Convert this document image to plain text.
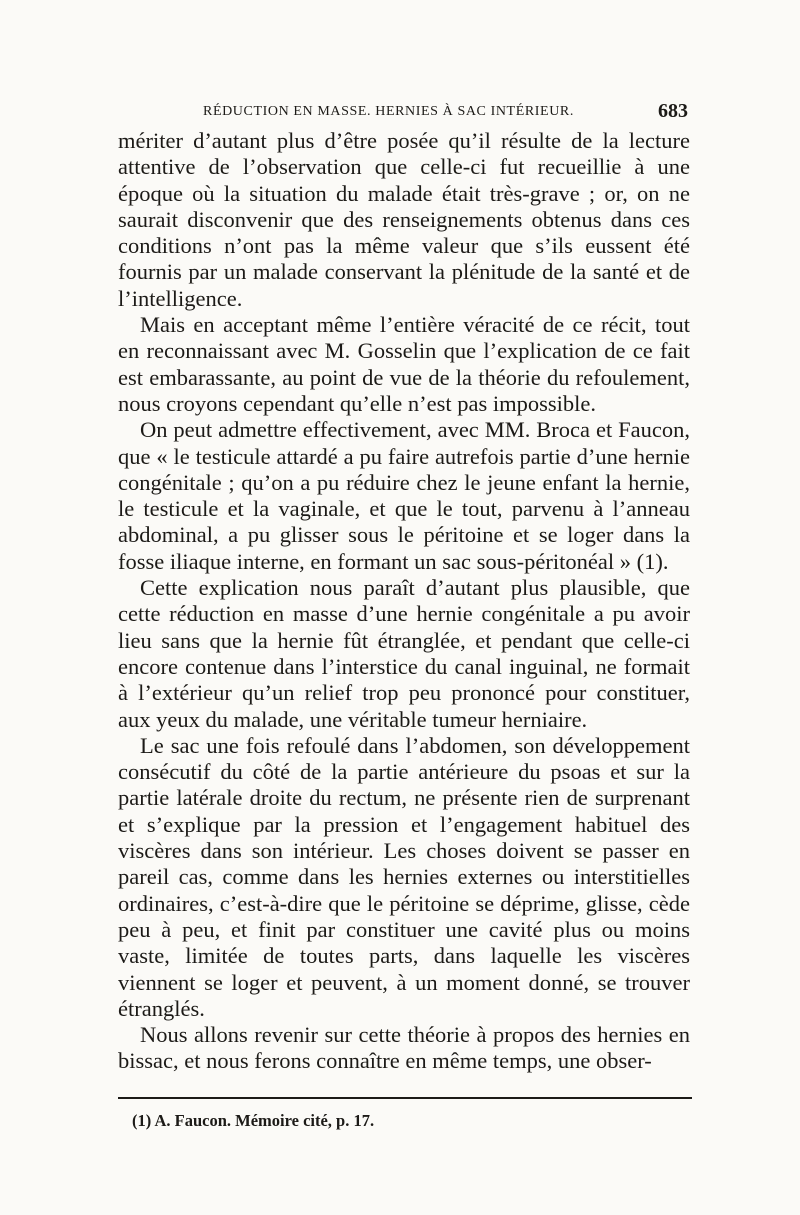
RÉDUCTION EN MASSE. HERNIES À SAC INTÉRIEUR.	683

mériter d’autant plus d’être posée qu’il résulte de la lecture attentive de l’observation que celle-ci fut recueillie à une époque où la situation du malade était très-grave ; or, on ne saurait disconvenir que des renseignements obtenus dans ces conditions n’ont pas la même valeur que s’ils eussent été fournis par un malade conservant la plénitude de la santé et de l’intelligence.

Mais en acceptant même l’entière véracité de ce récit, tout en reconnaissant avec M. Gosselin que l’explication de ce fait est embarassante, au point de vue de la théorie du refoulement, nous croyons cependant qu’elle n’est pas impossible.

On peut admettre effectivement, avec MM. Broca et Faucon, que « le testicule attardé a pu faire autrefois partie d’une hernie congénitale ; qu’on a pu réduire chez le jeune enfant la hernie, le testicule et la vaginale, et que le tout, parvenu à l’anneau abdominal, a pu glisser sous le péritoine et se loger dans la fosse iliaque interne, en formant un sac sous-péritonéal » (1).

Cette explication nous paraît d’autant plus plausible, que cette réduction en masse d’une hernie congénitale a pu avoir lieu sans que la hernie fût étranglée, et pendant que celle-ci encore contenue dans l’interstice du canal inguinal, ne formait à l’extérieur qu’un relief trop peu prononcé pour constituer, aux yeux du malade, une véritable tumeur herniaire.

Le sac une fois refoulé dans l’abdomen, son développement consécutif du côté de la partie antérieure du psoas et sur la partie latérale droite du rectum, ne présente rien de surprenant et s’explique par la pression et l’engagement habituel des viscères dans son intérieur. Les choses doivent se passer en pareil cas, comme dans les hernies externes ou interstitielles ordinaires, c’est-à-dire que le péritoine se déprime, glisse, cède peu à peu, et finit par constituer une cavité plus ou moins vaste, limitée de toutes parts, dans laquelle les viscères viennent se loger et peuvent, à un moment donné, se trouver étranglés.

Nous allons revenir sur cette théorie à propos des hernies en bissac, et nous ferons connaître en même temps, une obser-

(1) A. Faucon. Mémoire cité, p. 17.
